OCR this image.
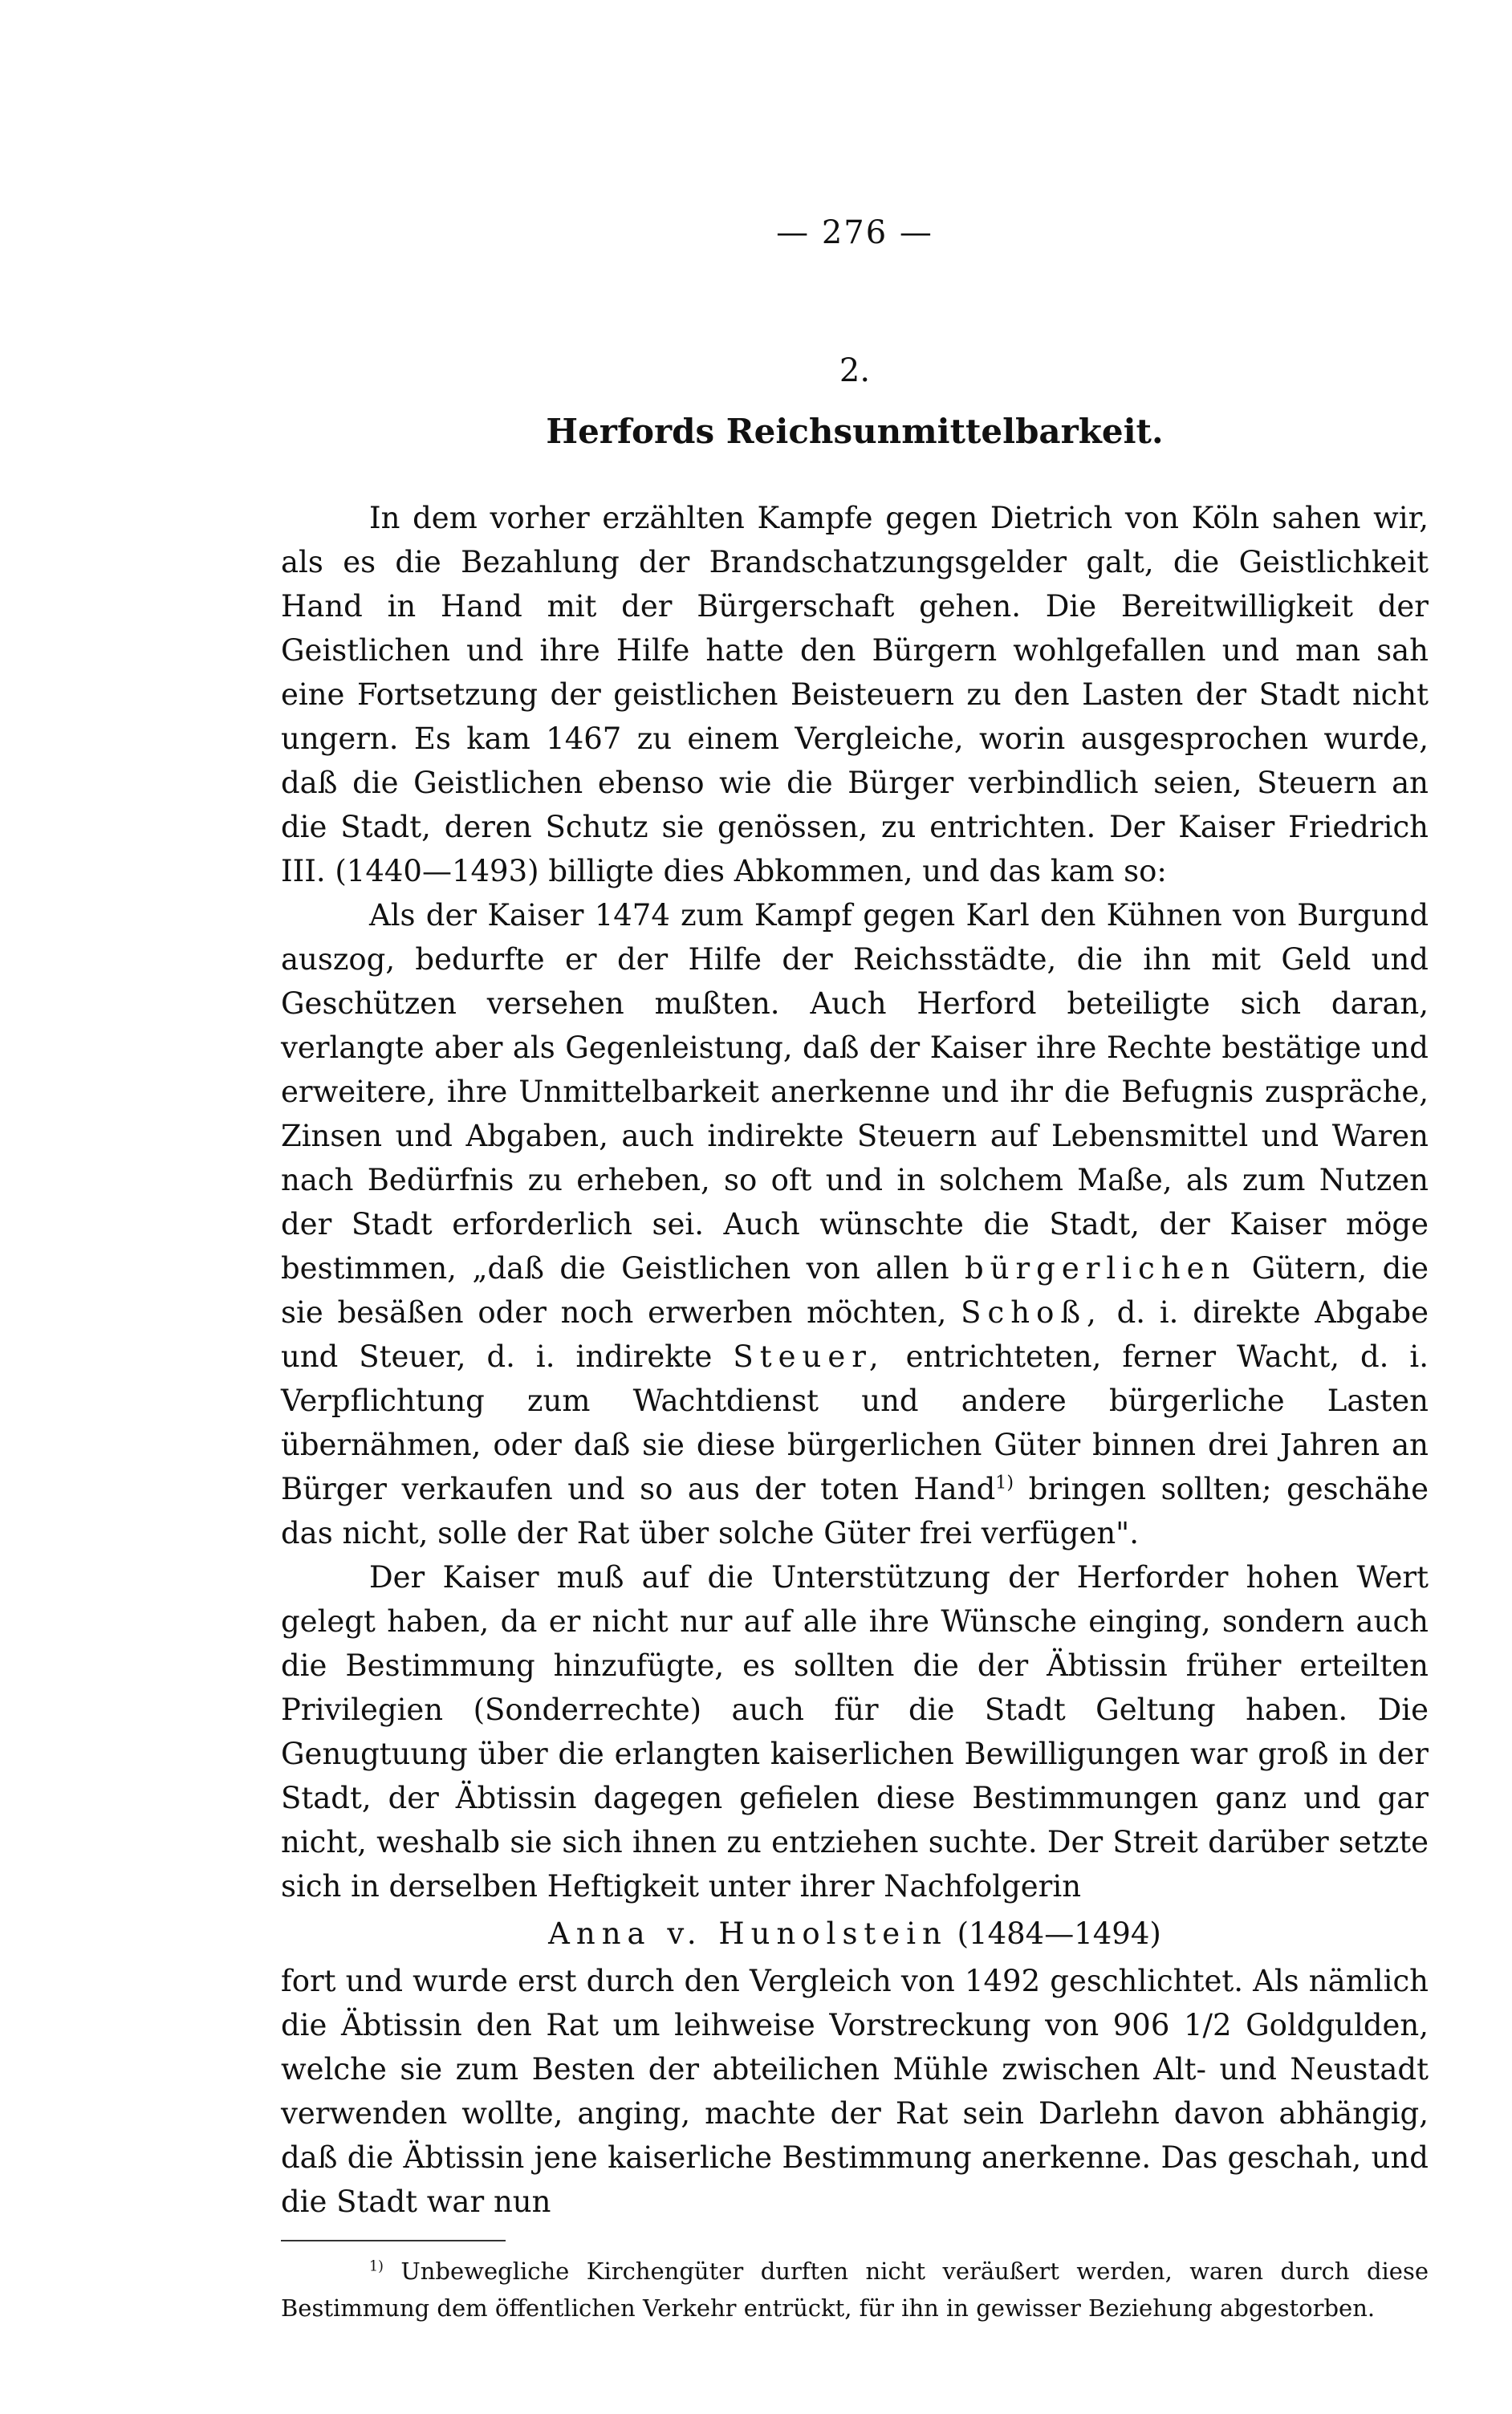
— 276 —
2.
Herfords Reichsunmittelbarkeit.

In dem vorher erzählten Kampfe gegen Dietrich von Köln sahen wir, als es die Bezahlung der Brandschatzungsgelder galt, die Geistlichkeit Hand in Hand mit der Bürgerschaft gehen. Die Bereitwilligkeit der Geistlichen und ihre Hilfe hatte den Bürgern wohlgefallen und man sah eine Fortsetzung der geistlichen Beisteuern zu den Lasten der Stadt nicht ungern. Es kam 1467 zu einem Vergleiche, worin ausgesprochen wurde, daß die Geistlichen ebenso wie die Bürger verbindlich seien, Steuern an die Stadt, deren Schutz sie genössen, zu entrichten. Der Kaiser Friedrich III. (1440—1493) billigte dies Abkommen, und das kam so:

Als der Kaiser 1474 zum Kampf gegen Karl den Kühnen von Burgund auszog, bedurfte er der Hilfe der Reichsstädte, die ihn mit Geld und Geschützen versehen mußten. Auch Herford beteiligte sich daran, verlangte aber als Gegenleistung, daß der Kaiser ihre Rechte bestätige und erweitere, ihre Unmittelbarkeit anerkenne und ihr die Befugnis zuspräche, Zinsen und Abgaben, auch indirekte Steuern auf Lebensmittel und Waren nach Bedürfnis zu erheben, so oft und in solchem Maße, als zum Nutzen der Stadt erforderlich sei. Auch wünschte die Stadt, der Kaiser möge bestimmen, „daß die Geistlichen von allen bürgerlichen Gütern, die sie besäßen oder noch erwerben möchten, Schoß, d. i. direkte Abgabe und Steuer, d. i. indirekte Steuer, entrichteten, ferner Wacht, d. i. Verpflichtung zum Wachtdienst und andere bürgerliche Lasten übernähmen, oder daß sie diese bürgerlichen Güter binnen drei Jahren an Bürger verkaufen und so aus der toten Hand$^{1)}$ bringen sollten; geschähe das nicht, solle der Rat über solche Güter frei verfügen".

Der Kaiser muß auf die Unterstützung der Herforder hohen Wert gelegt haben, da er nicht nur auf alle ihre Wünsche einging, sondern auch die Bestimmung hinzufügte, es sollten die der Äbtissin früher erteilten Privilegien (Sonderrechte) auch für die Stadt Geltung haben. Die Genugtuung über die erlangten kaiserlichen Bewilligungen war groß in der Stadt, der Äbtissin dagegen gefielen diese Bestimmungen ganz und gar nicht, weshalb sie sich ihnen zu entziehen suchte. Der Streit darüber setzte sich in derselben Heftigkeit unter ihrer Nachfolgerin

Anna v. Hunolstein (1484—1494)

fort und wurde erst durch den Vergleich von 1492 geschlichtet. Als nämlich die Äbtissin den Rat um leihweise Vorstreckung von 906 1/2 Goldgulden, welche sie zum Besten der abteilichen Mühle zwischen Alt- und Neustadt verwenden wollte, anging, machte der Rat sein Darlehn davon abhängig, daß die Äbtissin jene kaiserliche Bestimmung anerkenne. Das geschah, und die Stadt war nun

$^{1)}$ Unbewegliche Kirchengüter durften nicht veräußert werden, waren durch diese Bestimmung dem öffentlichen Verkehr entrückt, für ihn in gewisser Beziehung abgestorben.
